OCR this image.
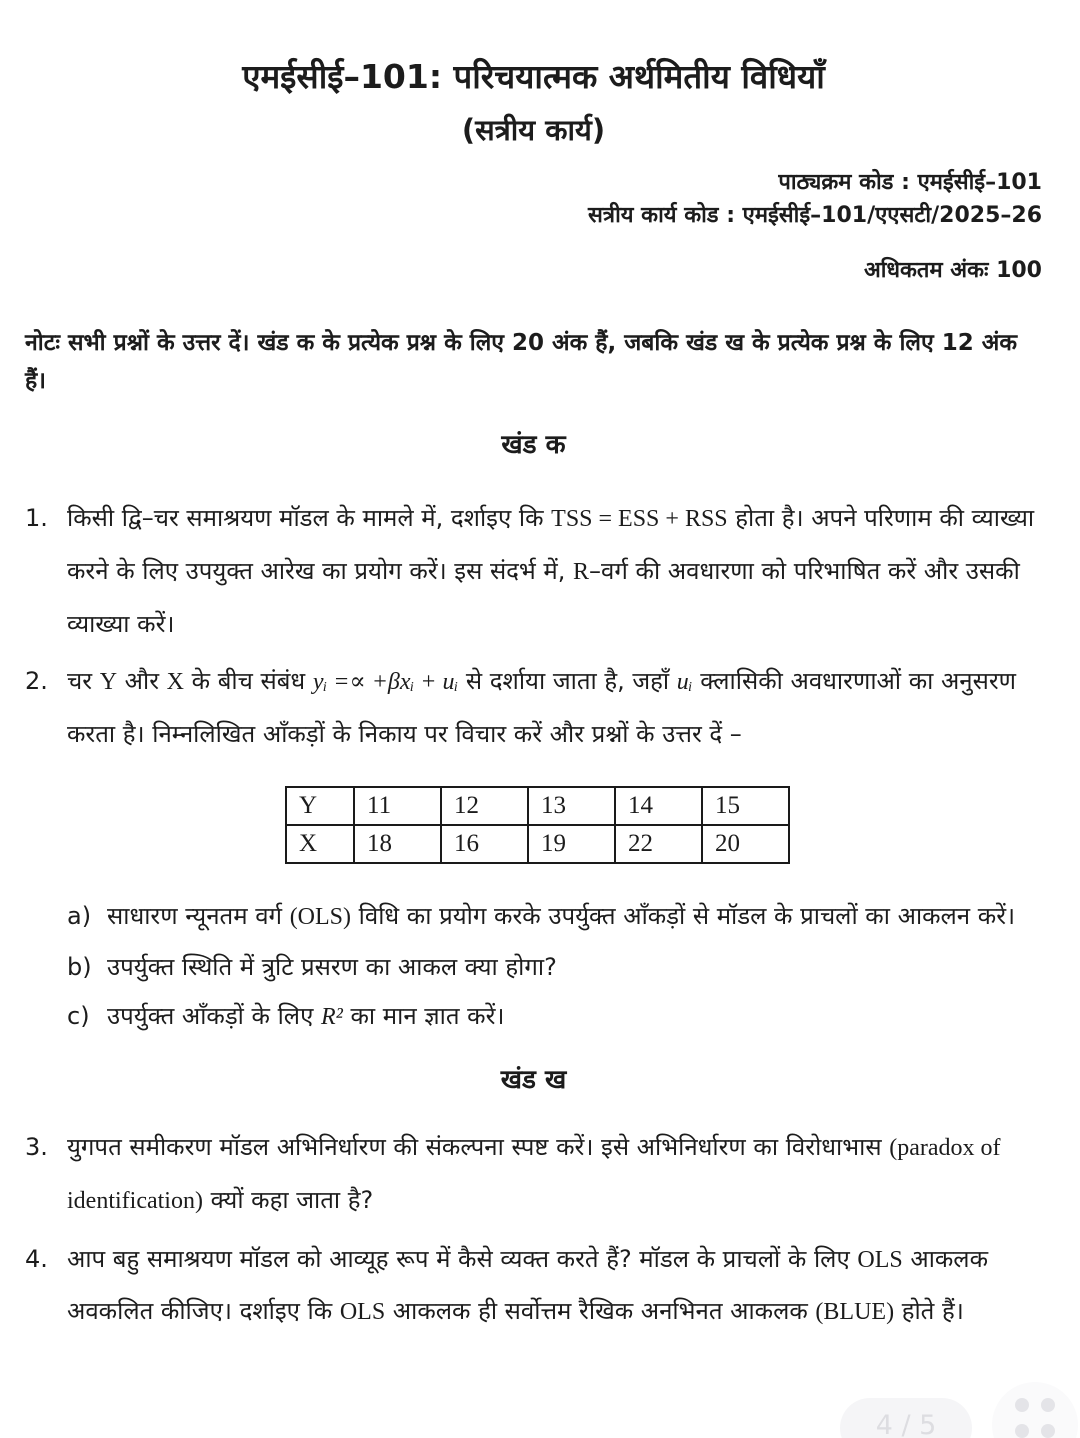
एमईसीई–101: परिचयात्मक अर्थमितीय विधियाँ
(सत्रीय कार्य)
पाठ्यक्रम कोड : एमईसीई–101
सत्रीय कार्य कोड : एमईसीई–101/एएसटी/2025–26
अधिकतम अंकः 100
नोटः सभी प्रश्नों के उत्तर दें। खंड क के प्रत्येक प्रश्न के लिए 20 अंक हैं, जबकि खंड ख के प्रत्येक प्रश्न के लिए 12 अंक हैं।
खंड क
1. किसी द्वि–चर समाश्रयण मॉडल के मामले में, दर्शाइए कि TSS = ESS + RSS होता है। अपने परिणाम की व्याख्या करने के लिए उपयुक्त आरेख का प्रयोग करें। इस संदर्भ में, R–वर्ग की अवधारणा को परिभाषित करें और उसकी व्याख्या करें।
2. चर Y और X के बीच संबंध yᵢ =∝ +βxᵢ + uᵢ से दर्शाया जाता है, जहाँ uᵢ क्लासिकी अवधारणाओं का अनुसरण करता है। निम्नलिखित आँकड़ों के निकाय पर विचार करें और प्रश्नों के उत्तर दें –
Y	11	12	13	14	15
X	18	16	19	22	20
a) साधारण न्यूनतम वर्ग (OLS) विधि का प्रयोग करके उपर्युक्त आँकड़ों से मॉडल के प्राचलों का आकलन करें।
b) उपर्युक्त स्थिति में त्रुटि प्रसरण का आकल क्या होगा?
c) उपर्युक्त आँकड़ों के लिए R² का मान ज्ञात करें।
खंड ख
3. युगपत समीकरण मॉडल अभिनिर्धारण की संकल्पना स्पष्ट करें। इसे अभिनिर्धारण का विरोधाभास (paradox of identification) क्यों कहा जाता है?
4. आप बहु समाश्रयण मॉडल को आव्यूह रूप में कैसे व्यक्त करते हैं? मॉडल के प्राचलों के लिए OLS आकलक अवकलित कीजिए। दर्शाइए कि OLS आकलक ही सर्वोत्तम रैखिक अनभिनत आकलक (BLUE) होते हैं।
4 / 5
